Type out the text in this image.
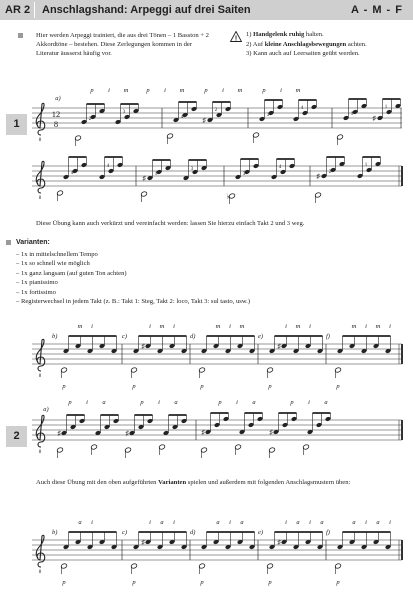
AR 2 Anschlagshand: Arpeggi auf drei Saiten	A - M - F

Hier werden Arpeggi trainiert, die aus drei Tönen – 1 Basston + 2 Akkordtöne – bestehen. Diese Zerlegungen kommen in der Literatur äusserst häufig vor.

!
1) Handgelenk ruhig halten.
2) Auf kleine Anschlagsbewegungen achten.
3) Kann auch auf Leersaiten geübt werden.
1
a)
p i m	p i m	p i m	p i m
8
12
8	2
3
♯
4
2
3
4
♯
1
1
8
4
4
♯ 1
3
♭
3
4
♯ 2
1

Diese Übung kann auch verkürzt und vereinfacht werden: lassen Sie hierzu einfach Takt 2 und 3 weg.

Varianten:

– 1x in mittelschnellem Tempo
– 1x so schnell wie möglich
– 1x ganz langsam (auf guten Ton achten)
– 1x pianissimo
– 1x fortissimo
– Registerwechsel in jedem Takt (z. B.: Takt 1: Steg, Takt 2: loco, Takt 3: sul tasto, usw.)
8
b)
m i
p
c)
♯
i m i
p
d)
m i m
p
e)
♯
i m i
p
f)
m i m i
p
2
a)
p i a	p i a	p i a	p i a
8
♯	♯	♯	♯

Auch diese Übung mit den oben aufgeführten Varianten spielen und außerdem mit folgenden Anschlagsmustern üben:

8
b)
a i
p
c)
♯
i a i
p
d)
a i a
p
e)
♯
i a i a
p
f)
a i a i
p
